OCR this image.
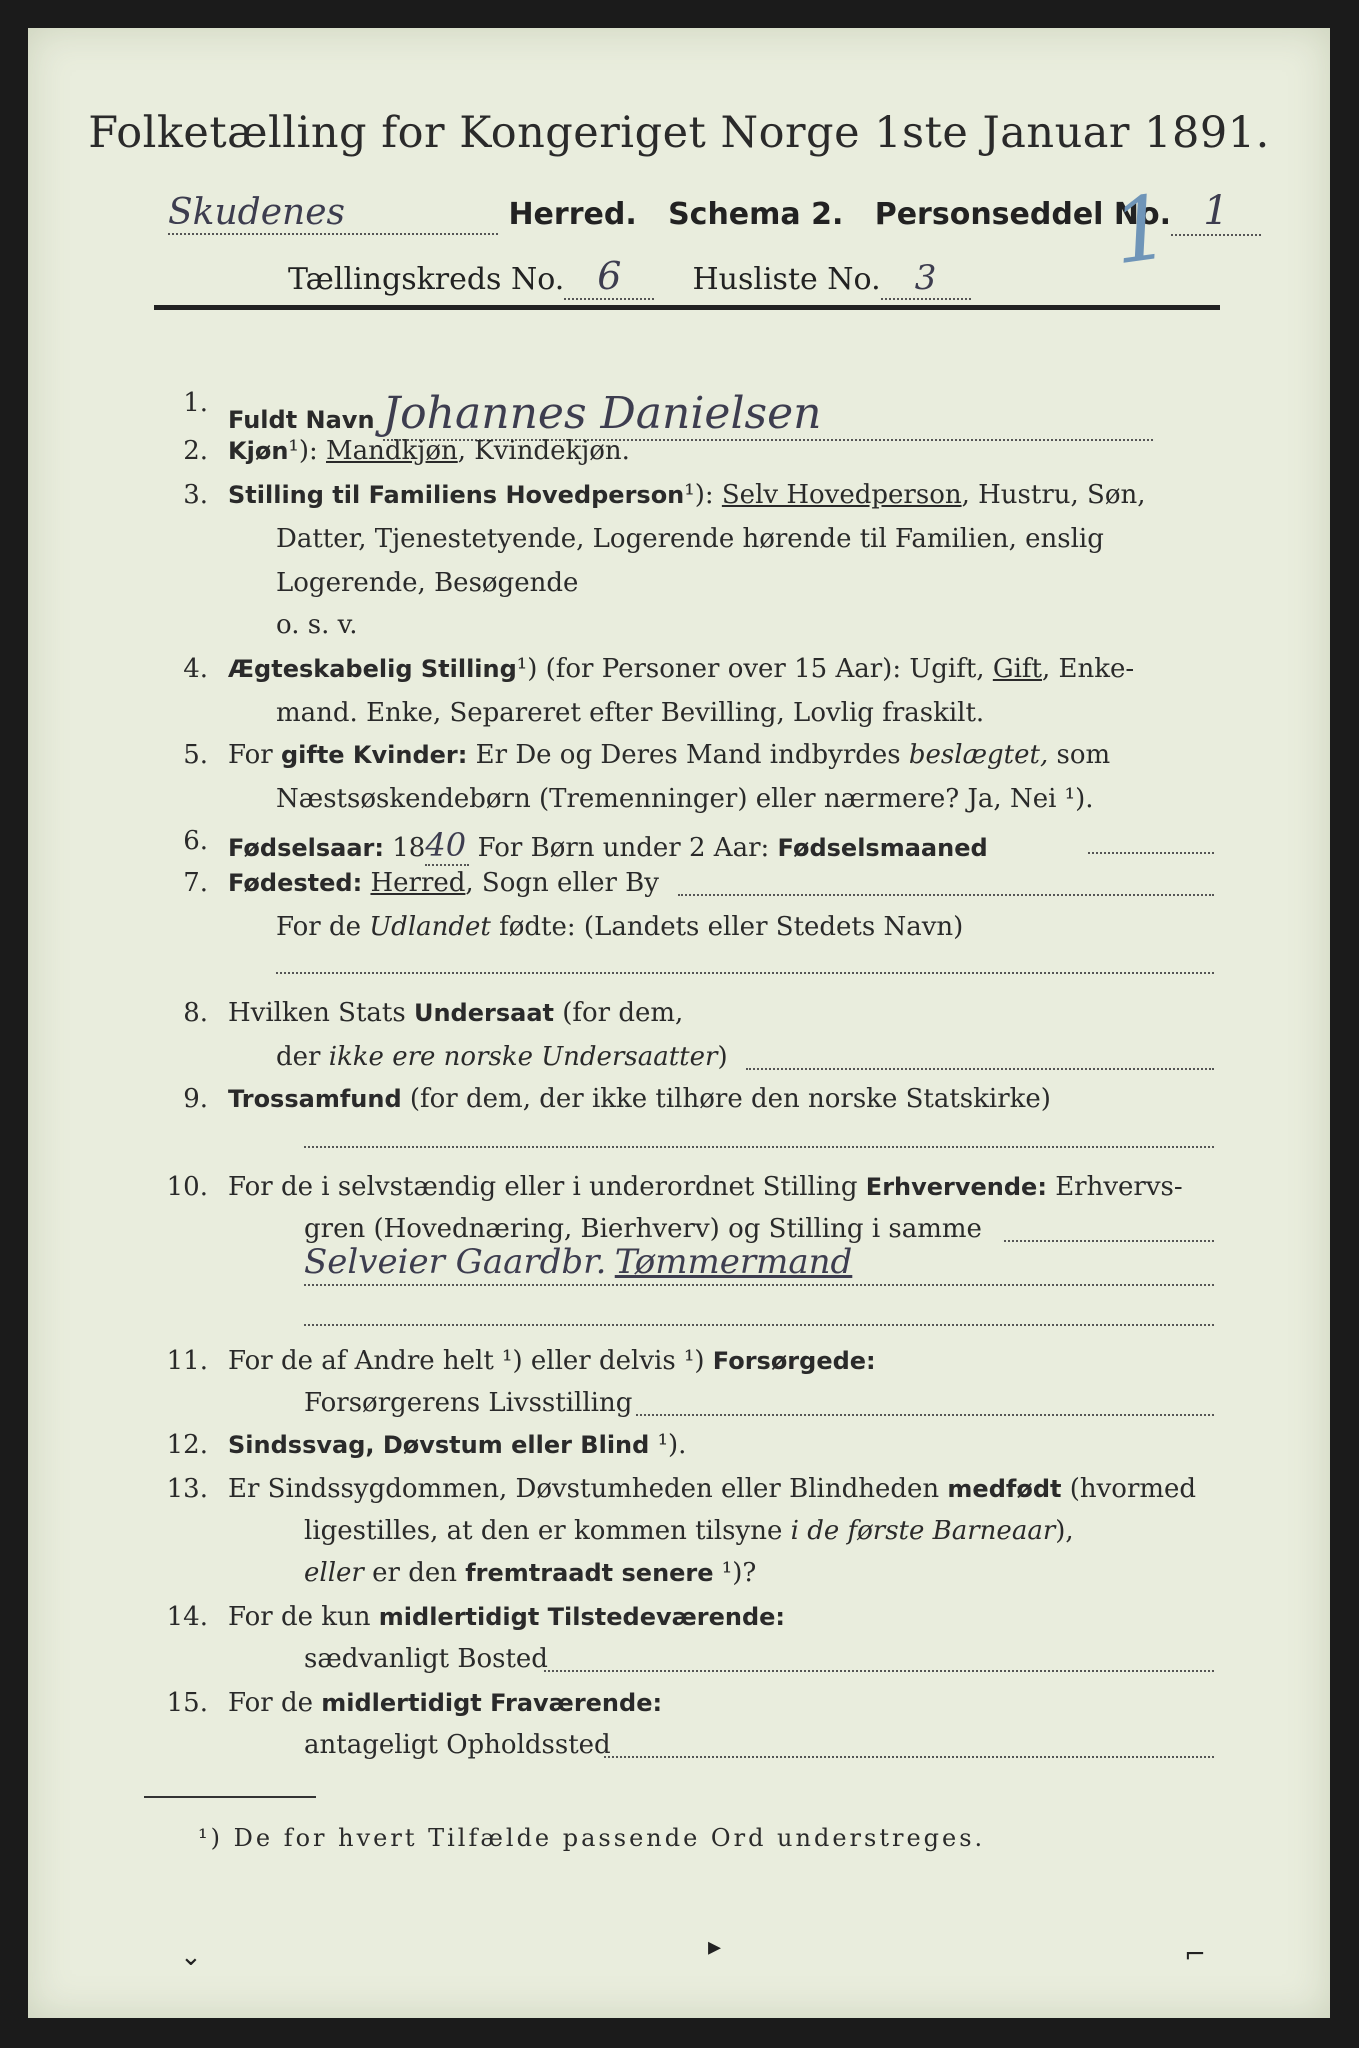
Folketælling for Kongeriget Norge 1ste Januar 1891.
Skudenes	Herred. Schema 2. Personseddel No. 1
Tællingskreds No. 6 Husliste No. 3	1
1.
Fuldt Navn Johannes Danielsen
2. Kjøn¹): Mandkjøn, Kvindekjøn.
3. Stilling til Familiens Hovedperson¹): Selv Hovedperson, Hustru, Søn,
Datter, Tjenestetyende, Logerende hørende til Familien, enslig
Logerende, Besøgende
o. s. v.
4. Ægteskabelig Stilling¹) (for Personer over 15 Aar): Ugift, Gift, Enke-
mand. Enke, Separeret efter Bevilling, Lovlig fraskilt.
5. For gifte Kvinder: Er De og Deres Mand indbyrdes beslægtet, som
Næstsøskendebørn (Tremenninger) eller nærmere? Ja, Nei ¹).
6. Fødselsaar: 1840 For Børn under 2 Aar: Fødselsmaaned
7. Fødested: Herred, Sogn eller By
For de Udlandet fødte: (Landets eller Stedets Navn)
8. Hvilken Stats Undersaat (for dem,
der ikke ere norske Undersaatter)
9. Trossamfund (for dem, der ikke tilhøre den norske Statskirke)
10. For de i selvstændig eller i underordnet Stilling Erhvervende: Erhvervs-
gren (Hovednæring, Bierhverv) og Stilling i samme
Selveier Gaardbr. Tømmermand
11. For de af Andre helt ¹) eller delvis ¹) Forsørgede:
Forsørgerens Livsstilling
12. Sindssvag, Døvstum eller Blind ¹).
13. Er Sindssygdommen, Døvstumheden eller Blindheden medfødt (hvormed
ligestilles, at den er kommen tilsyne i de første Barneaar),
eller er den fremtraadt senere ¹)?
14. For de kun midlertidigt Tilstedeværende:
sædvanligt Bosted
15. For de midlertidigt Fraværende:
antageligt Opholdssted
¹) De for hvert Tilfælde passende Ord understreges.
⌄	▸	⌐
